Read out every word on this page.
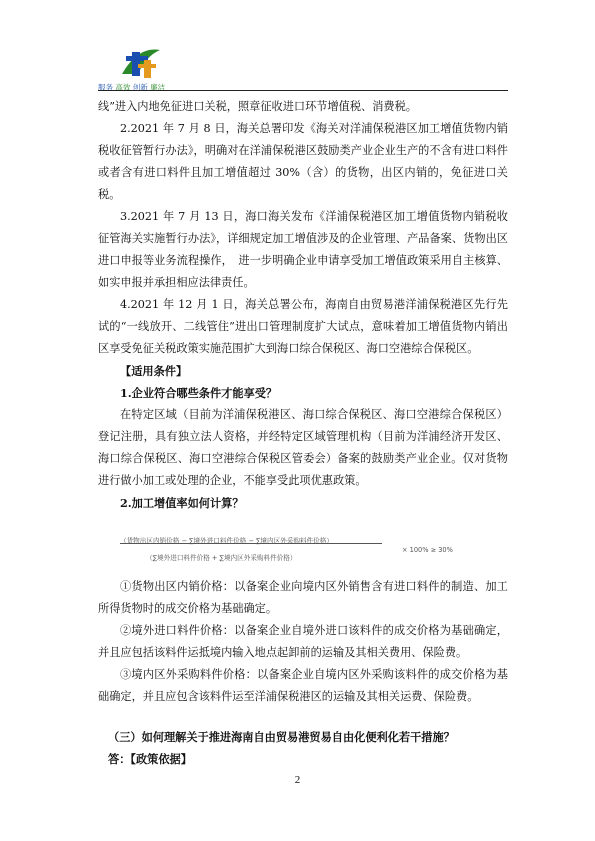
服务 高效 创新 廉洁

线”进入内地免征进口关税，照章征收进口环节增值税、消费税。

2.2021 年 7 月 8 日，海关总署印发《海关对洋浦保税港区加工增值货物内销税收征管暂行办法》，明确对在洋浦保税港区鼓励类产业企业生产的不含有进口料件或者含有进口料件且加工增值超过 30%（含）的货物，出区内销的，免征进口关税。

3.2021 年 7 月 13 日，海口海关发布《洋浦保税港区加工增值货物内销税收征管海关实施暂行办法》，详细规定加工增值涉及的企业管理、产品备案、货物出区进口申报等业务流程操作，　进一步明确企业申请享受加工增值政策采用自主核算、如实申报并承担相应法律责任。

4.2021 年 12 月 1 日，海关总署公布，海南自由贸易港洋浦保税港区先行先试的“一线放开、二线管住”进出口管理制度扩大试点，意味着加工增值货物内销出区享受免征关税政策实施范围扩大到海口综合保税区、海口空港综合保税区。

【适用条件】

1.企业符合哪些条件才能享受？

在特定区域（目前为洋浦保税港区、海口综合保税区、海口空港综合保税区）登记注册，具有独立法人资格，并经特定区域管理机构（目前为洋浦经济开发区、海口综合保税区、海口空港综合保税区管委会）备案的鼓励类产业企业。仅对货物进行做小加工或处理的企业，不能享受此项优惠政策。

2.加工增值率如何计算？

（货物出区内销价格 − ∑境外进口料件价格 − ∑境内区外采购料件价格）
（∑境外进口料件价格 + ∑境内区外采购料件价格）
× 100% ≥ 30%

①货物出区内销价格：以备案企业向境内区外销售含有进口料件的制造、加工所得货物时的成交价格为基础确定。

②境外进口料件价格：以备案企业自境外进口该料件的成交价格为基础确定，并且应包括该料件运抵境内输入地点起卸前的运输及其相关费用、保险费。

③境内区外采购料件价格：以备案企业自境内区外采购该料件的成交价格为基础确定，并且应包含该料件运至洋浦保税港区的运输及其相关运费、保险费。

（三）如何理解关于推进海南自由贸易港贸易自由化便利化若干措施？

答：【政策依据】

2
